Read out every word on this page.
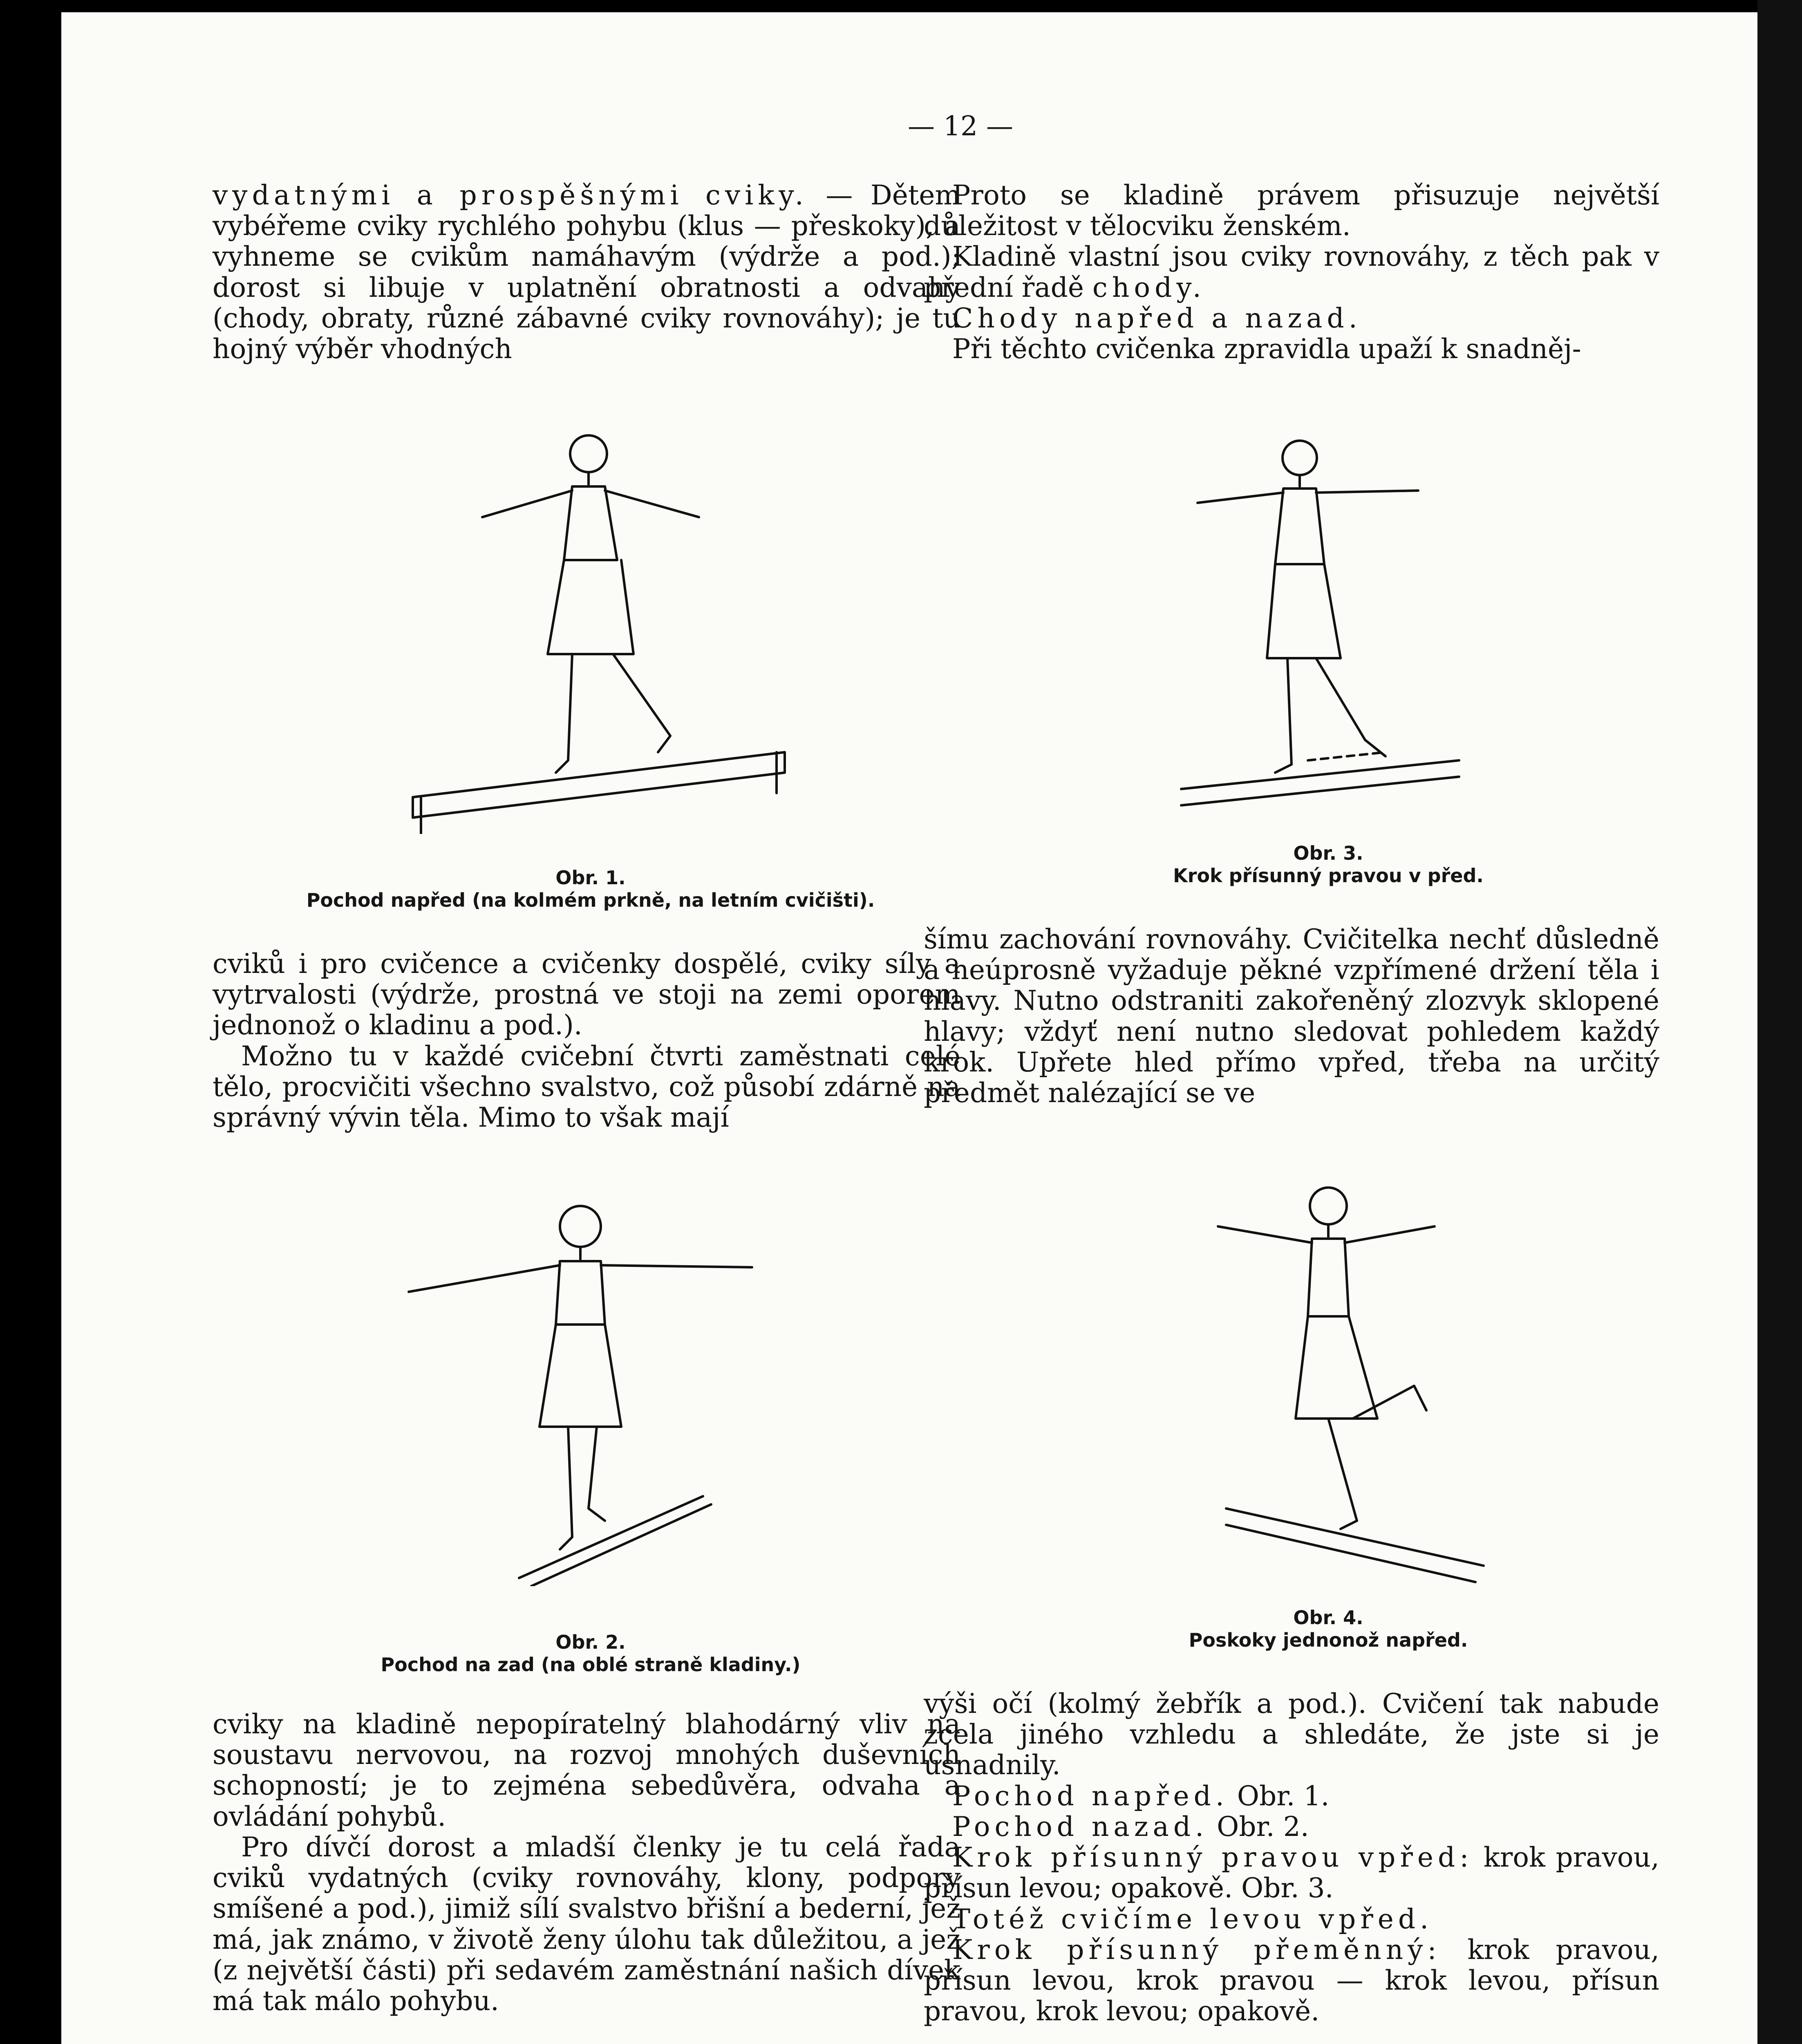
— 12 —

vydatnými a prospěšnými cviky. — Dětem vybéřeme cviky rychlého pohybu (klus — přeskoky), a vyhneme se cvikům namáhavým (výdrže a pod.); dorost si libuje v uplatnění obratnosti a odvahy (chody, obraty, různé zábavné cviky rovnováhy); je tu hojný výběr vhodných

Obr. 1.
Pochod napřed (na kolmém prkně, na letním cvičišti).

cviků i pro cvičence a cvičenky dospělé, cviky síly a vytrvalosti (výdrže, prostná ve stoji na zemi oporem jednonož o kladinu a pod.).

Možno tu v každé cvičební čtvrti zaměstnati celé tělo, procvičiti všechno svalstvo, což působí zdárně na správný vývin těla. Mimo to však mají

Obr. 2.
Pochod na zad (na oblé straně kladiny.)

cviky na kladině nepopíratelný blahodárný vliv na soustavu nervovou, na rozvoj mnohých duševních schopností; je to zejména sebedůvěra, odvaha a ovládání pohybů.

Pro dívčí dorost a mladší členky je tu celá řada cviků vydatných (cviky rovnováhy, klony, podpory smíšené a pod.), jimiž sílí svalstvo břišní a bederní, jež má, jak známo, v životě ženy úlohu tak důležitou, a jež (z největší části) při sedavém zaměstnání našich dívek má tak málo pohybu.

Proto se kladině právem přisuzuje největší důležitost v tělocviku ženském.

Kladině vlastní jsou cviky rovnováhy, z těch pak v přední řadě chody.

Chody napřed a nazad.

Při těchto cvičenka zpravidla upaží k snadněj-

Obr. 3.
Krok přísunný pravou v před.

šímu zachování rovnováhy. Cvičitelka nechť důsledně a neúprosně vyžaduje pěkné vzpřímené držení těla i hlavy. Nutno odstraniti zakořeněný zlozvyk sklopené hlavy; vždyť není nutno sledovat pohledem každý krok. Upřete hled přímo vpřed, třeba na určitý předmět nalézající se ve

Obr. 4.
Poskoky jednonož napřed.

výši očí (kolmý žebřík a pod.). Cvičení tak nabude zcela jiného vzhledu a shledáte, že jste si je usnadnily.

Pochod napřed. Obr. 1.

Pochod nazad. Obr. 2.

Krok přísunný pravou vpřed: krok pravou, přísun levou; opakově. Obr. 3.

Totéž cvičíme levou vpřed.

Krok přísunný přeměnný: krok pravou, přísun levou, krok pravou — krok levou, přísun pravou, krok levou; opakově.
